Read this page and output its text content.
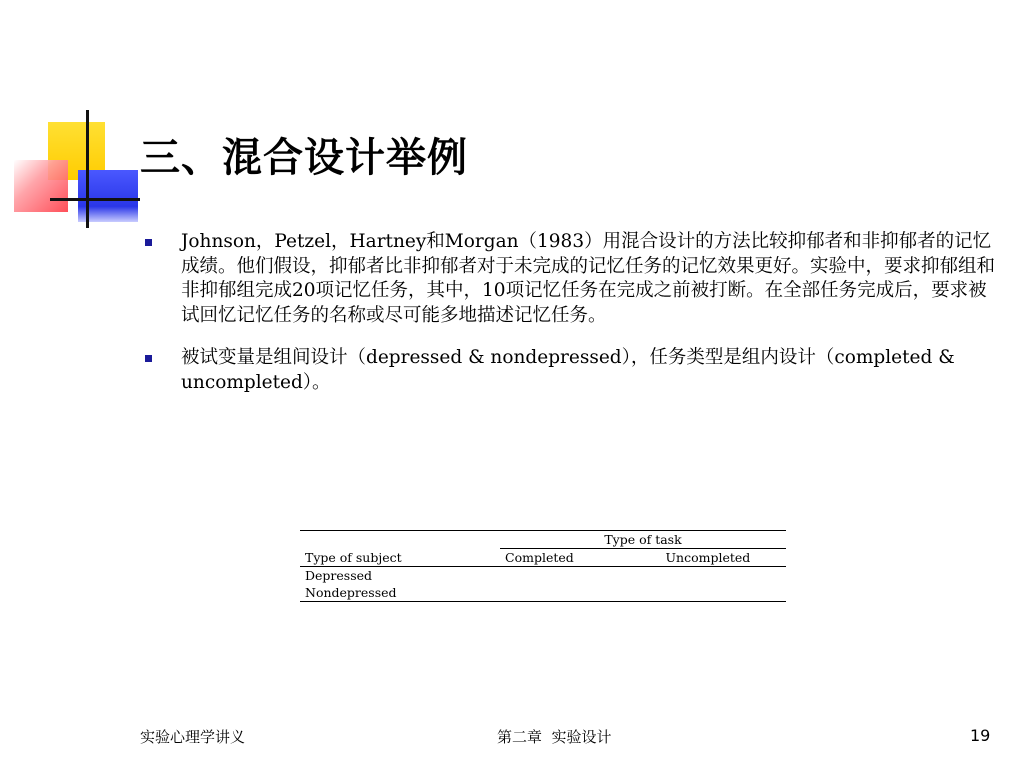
三、混合设计举例
Johnson，Petzel，Hartney和Morgan（1983）用混合设计的方法比较抑郁者和非抑郁者的记忆成绩。他们假设，抑郁者比非抑郁者对于未完成的记忆任务的记忆效果更好。实验中，要求抑郁组和非抑郁组完成20项记忆任务，其中，10项记忆任务在完成之前被打断。在全部任务完成后，要求被试回忆记忆任务的名称或尽可能多地描述记忆任务。
被试变量是组间设计（depressed & nondepressed），任务类型是组内设计（completed & uncompleted）。
	Type of task	
Type of subject	Completed	Uncompleted
Depressed		
Nondepressed		
实验心理学讲义	第二章  实验设计	19
